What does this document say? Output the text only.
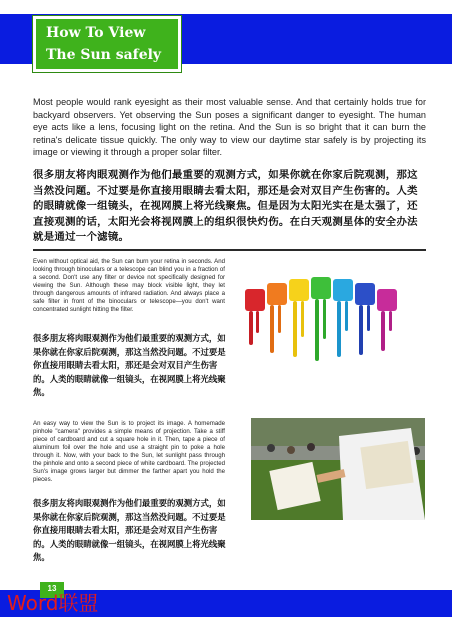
How To View
The Sun safely
Most people would rank eyesight as their most valuable sense. And that certainly holds true for backyard observers. Yet observing the Sun poses a significant danger to eyesight. The human eye acts like a lens, focusing light on the retina. And the Sun is so bright that it can burn the retina's delicate tissue quickly. The only way to view our daytime star safely is by projecting its image or viewing it through a proper solar filter.
很多朋友将肉眼观测作为他们最重要的观测方式，如果你就在你家后院观测，那这当然没问题。不过要是你直接用眼睛去看太阳，那还是会对双目产生伤害的。人类的眼睛就像一组镜头，在视网膜上将光线聚焦。但是因为太阳光实在是太强了，还直接观测的话，太阳光会将视网膜上的组织很快灼伤。在白天观测星体的安全办法就是通过一个滤镜。
Even without optical aid, the Sun can burn your retina in seconds. And looking through binoculars or a telescope can blind you in a fraction of a second. Don't use any filter or device not specifically designed for viewing the Sun. Although these may block visible light, they let through dangerous amounts of infrared radiation. And always place a safe filter in front of the binoculars or telescope—you don't want concentrated sunlight hitting the filter.
很多朋友将肉眼观测作为他们最重要的观测方式，如果你就在你家后院观测，那这当然没问题。不过要是你直接用眼睛去看太阳，那还是会对双目产生伤害的。人类的眼睛就像一组镜头，在视网膜上将光线聚焦。
An easy way to view the Sun is to project its image. A homemade pinhole "camera" provides a simple means of projection. Take a stiff piece of cardboard and cut a square hole in it. Then, tape a piece of aluminum foil over the hole and use a straight pin to poke a hole through it. Now, with your back to the Sun, let sunlight pass through the pinhole and onto a second piece of white cardboard. The projected Sun's image grows larger but dimmer the farther apart you hold the pieces.
很多朋友将肉眼观测作为他们最重要的观测方式，如果你就在你家后院观测，那这当然没问题。不过要是你直接用眼睛去看太阳，那还是会对双目产生伤害的。人类的眼睛就像一组镜头，在视网膜上将光线聚焦。
13
Word联盟
